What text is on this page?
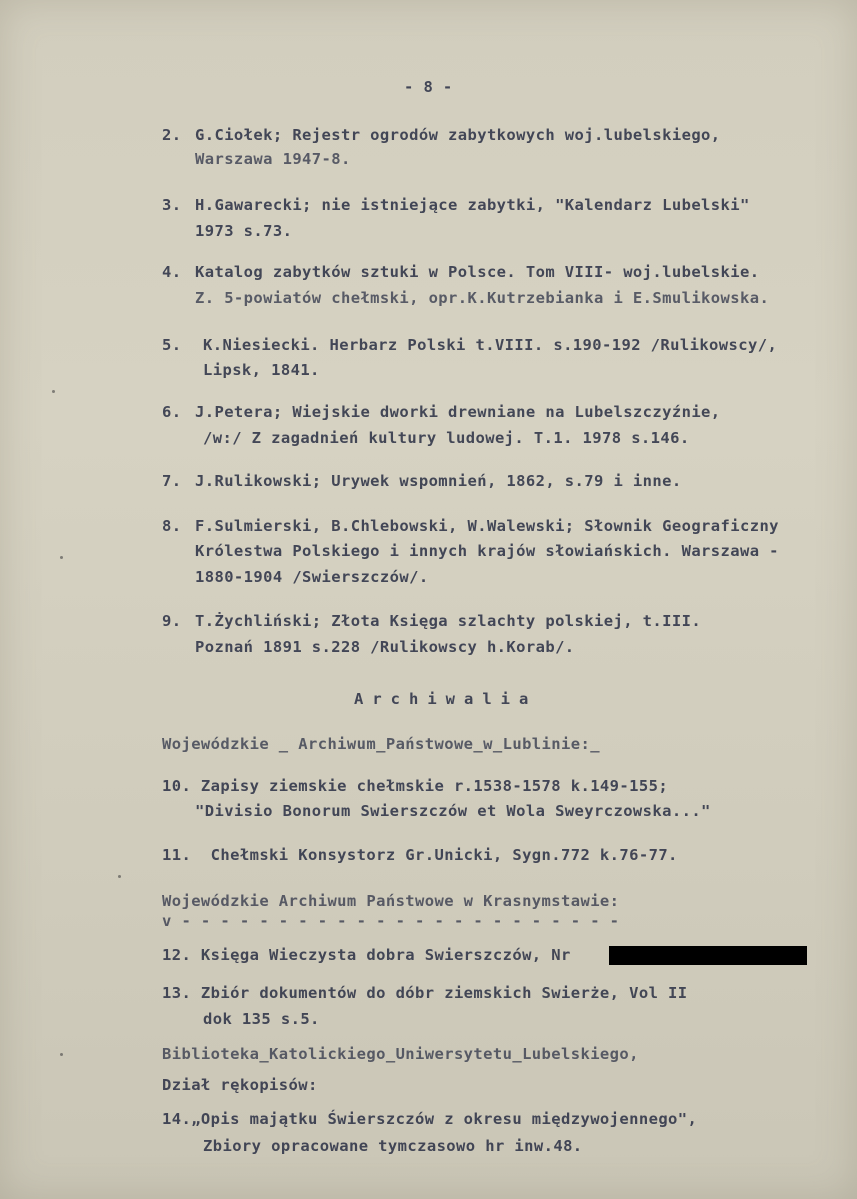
- 8 -
2. G.Ciołek; Rejestr ogrodów zabytkowych woj.lubelskiego,
Warszawa 1947-8.
3. H.Gawarecki; nie istniejące zabytki, "Kalendarz Lubelski"
1973 s.73.
4. Katalog zabytków sztuki w Polsce. Tom VIII- woj.lubelskie.
Z. 5-powiatów chełmski, opr.K.Kutrzebianka i E.Smulikowska.
5. K.Niesiecki. Herbarz Polski t.VIII. s.190-192 /Rulikowscy/,
Lipsk, 1841.
6. J.Petera; Wiejskie dworki drewniane na Lubelszczyźnie,
/w:/ Z zagadnień kultury ludowej. T.1. 1978 s.146.
7. J.Rulikowski; Urywek wspomnień, 1862, s.79 i inne.
8. F.Sulmierski, B.Chlebowski, W.Walewski; Słownik Geograficzny
Królestwa Polskiego i innych krajów słowiańskich. Warszawa -
1880-1904 /Swierszczów/.
9. T.Żychliński; Złota Księga szlachty polskiej, t.III.
Poznań 1891 s.228 /Rulikowscy h.Korab/.
Archiwalia
Wojewódzkie _ Archiwum_Państwowe_w_Lublinie:_
10. Zapisy ziemskie chełmskie r.1538-1578 k.149-155;
"Divisio Bonorum Swierszczów et Wola Sweyrczowska..."
11.  Chełmski Konsystorz Gr.Unicki, Sygn.772 k.76-77.
Wojewódzkie Archiwum Państwowe w Krasnymstawie:
v - - - - - - - - - - - - - - - - - - - - - - -
12. Księga Wieczysta dobra Swierszczów, Nr
13. Zbiór dokumentów do dóbr ziemskich Swierże, Vol II
dok 135 s.5.
Biblioteka_Katolickiego_Uniwersytetu_Lubelskiego,
Dział rękopisów:
14.„Opis majątku Świerszczów z okresu międzywojennego",
Zbiory opracowane tymczasowo hr inw.48.
